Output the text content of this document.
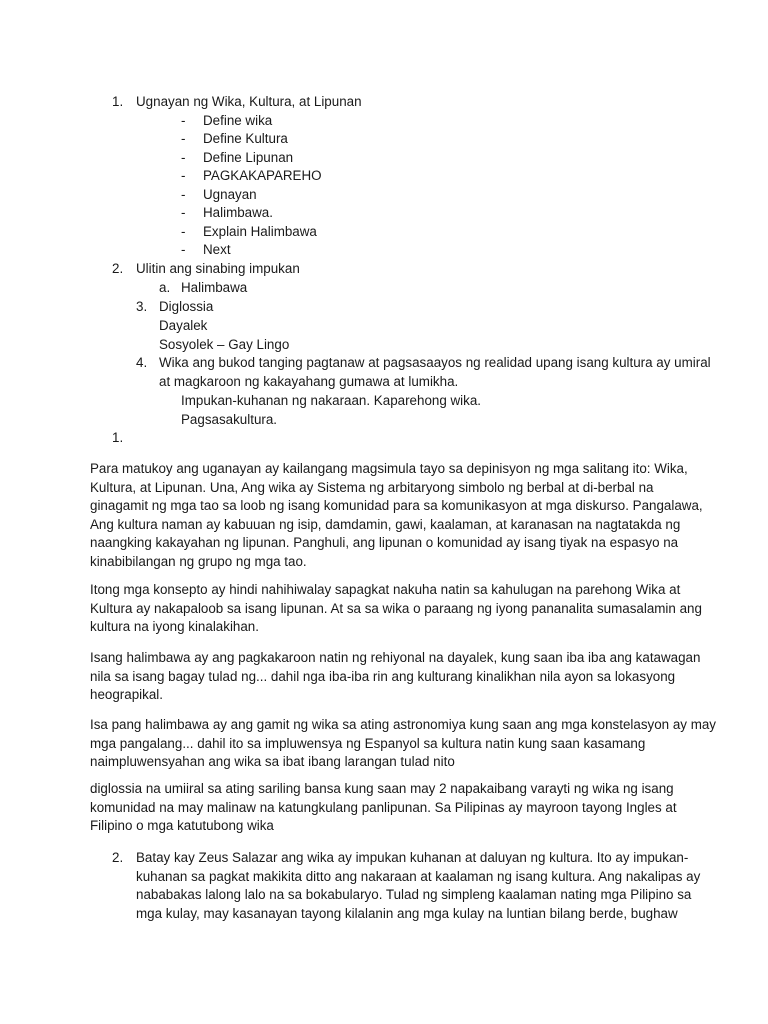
1. Ugnayan ng Wika, Kultura, at Lipunan
- Define wika
- Define Kultura
- Define Lipunan
- PAGKAKAPAREHO
- Ugnayan
- Halimbawa.
- Explain Halimbawa
- Next
2. Ulitin ang sinabing impukan
a. Halimbawa
3. Diglossia
Dayalek
Sosyolek – Gay Lingo
4. Wika ang bukod tanging pagtanaw at pagsasaayos ng realidad upang isang kultura ay umiral
at magkaroon ng kakayahang gumawa at lumikha.
Impukan-kuhanan ng nakaraan. Kaparehong wika.
Pagsasakultura.
1.
Para matukoy ang uganayan ay kailangang magsimula tayo sa depinisyon ng mga salitang ito: Wika,
Kultura, at Lipunan. Una, Ang wika ay Sistema ng arbitaryong simbolo ng berbal at di-berbal na
ginagamit ng mga tao sa loob ng isang komunidad para sa komunikasyon at mga diskurso. Pangalawa,
Ang kultura naman ay kabuuan ng isip, damdamin, gawi, kaalaman, at karanasan na nagtatakda ng
naangking kakayahan ng lipunan. Panghuli, ang lipunan o komunidad ay isang tiyak na espasyo na
kinabibilangan ng grupo ng mga tao.
Itong mga konsepto ay hindi nahihiwalay sapagkat nakuha natin sa kahulugan na parehong Wika at
Kultura ay nakapaloob sa isang lipunan. At sa sa wika o paraang ng iyong pananalita sumasalamin ang
kultura na iyong kinalakihan.
Isang halimbawa ay ang pagkakaroon natin ng rehiyonal na dayalek, kung saan iba iba ang katawagan
nila sa isang bagay tulad ng... dahil nga iba-iba rin ang kulturang kinalikhan nila ayon sa lokasyong
heograpikal.
Isa pang halimbawa ay ang gamit ng wika sa ating astronomiya kung saan ang mga konstelasyon ay may
mga pangalang... dahil ito sa impluwensya ng Espanyol sa kultura natin kung saan kasamang
naimpluwensyahan ang wika sa ibat ibang larangan tulad nito
diglossia na umiiral sa ating sariling bansa kung saan may 2 napakaibang varayti ng wika ng isang
komunidad na may malinaw na katungkulang panlipunan. Sa Pilipinas ay mayroon tayong Ingles at
Filipino o mga katutubong wika
2. Batay kay Zeus Salazar ang wika ay impukan kuhanan at daluyan ng kultura. Ito ay impukan-
kuhanan sa pagkat makikita ditto ang nakaraan at kaalaman ng isang kultura. Ang nakalipas ay
nababakas lalong lalo na sa bokabularyo. Tulad ng simpleng kaalaman nating mga Pilipino sa
mga kulay, may kasanayan tayong kilalanin ang mga kulay na luntian bilang berde, bughaw
